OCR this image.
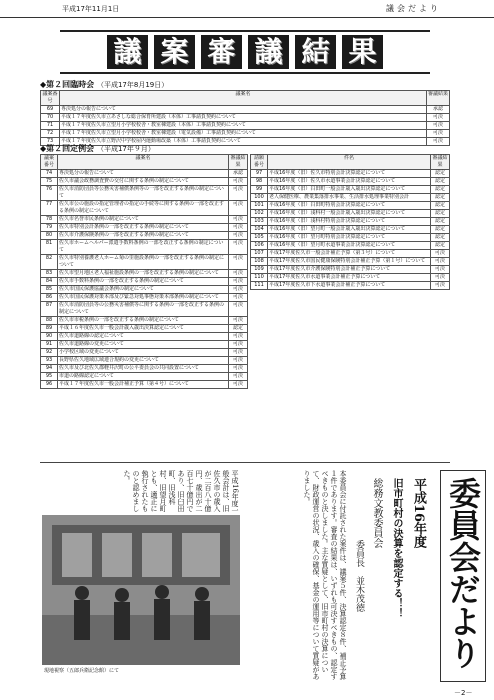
平成17年11月1日	議会だより
議 案 審 議 結 果
◆第２回臨時会 （平成17年8月19日）
議案番号	議案名	審議結果
69	専決処分の報告について	承認
70	平成１７年度佐久市立あさしな総合保育所建設（本体）工事請負契約について	可決
71	平成１７年度佐久市立望月小学校校舎・教室棟建設（本体）工事請負契約について	可決
72	平成１７年度佐久市立望月小学校校舎・教室棟建設（電気設備）工事請負契約について	可決
73	平成１７年度佐久市立野沢中学校屋内運動場改築（本体）工事請負契約について	可決
◆第２回定例会 （平成17年９月）
議案番号	議案名	審議結果
74	専決処分の報告について	承認
75	佐久市議会政務調査費の交付に関する条例の制定について	可決
76	佐久市消防団員等公務災害補償条例等の一部を改正する条例の制定について	可決
77	佐久市公の施設の指定管理者の指定の手続等に関する条例の一部を改正する条例の制定について	可決
78	佐久市名誉市民条例の制定について	可決
79	佐久市特別会計条例の一部を改正する条例の制定について	可決
80	佐久市介護保険条例の一部を改正する条例の制定について	可決
81	佐久市ホームヘルパー派遣手数料条例の一部を改正する条例の制定について	可決
82	佐久市特別養護老人ホーム菊の里施設条例の一部を改正する条例の制定について	可決
83	佐久市望月地区老人福祉施設条例の一部を改正する条例の制定について	可決
84	佐久市手数料条例の一部を改正する条例の制定について	可決
85	佐久市国民保護協議会条例の制定について	可決
86	佐久市国民保護対策本部及び緊急対処事態対策本部条例の制定について	可決
87	佐久市消防団員等の公務災害補償等に関する条例の一部を改正する条例の制定について	可決
88	佐久市市税条例の一部を改正する条例の制定について	可決
89	平成１６年度佐久市一般会計歳入歳出決算認定について	認定
90	佐久市道路線の認定について	可決
91	佐久市道路線の変更について	可決
92	小学校区域の変更について	可決
93	長野県佐久地域広域連合規約の変更について	可決
94	佐久市及び北佐久郡軽井沢町の公平委員会の共同設置について	可決
95	市道の路線認定について	可決
96	平成１７年度佐久市一般会計補正予算（第４号）について	可決
請願番号	件名	審議結果
97	平成16年度（旧）佐久市特別会計決算認定について	認定
98	平成16年度（旧）佐久市水道事業会計決算認定について	認定
99	平成16年度（旧）臼田町一般会計歳入歳出決算認定について	認定
100	老人保健医療、農業集落排水事業、生活排水処理事業特別会計	認定
101	平成16年度（旧）臼田町特別会計決算認定について	認定
102	平成16年度（旧）浅科村一般会計歳入歳出決算認定について	認定
103	平成16年度（旧）浅科村特別会計決算認定について	認定
104	平成16年度（旧）望月町一般会計歳入歳出決算認定について	認定
105	平成16年度（旧）望月町特別会計決算認定について	認定
106	平成16年度（旧）望月町水道事業会計決算認定について	認定
107	平成17年度佐久市一般会計補正予算（第３号）について	可決
108	平成17年度佐久市国民健康保険特別会計補正予算（第１号）について	可決
109	平成17年度佐久市介護保険特別会計補正予算について	可決
110	平成17年度佐久市水道事業会計補正予算について	可決
111	平成17年度佐久市下水道事業会計補正予算について	可決
委員会だより
平成16年度
旧市町村の決算を認定する！！
総務文教委員会
委員長　並木茂徳
本委員会に付託された案件は、議案５件、決算認定８件、補正予算１件であります。審査の結果は、いずれも可決すべきもの、認定すべきものと決しました。主な質疑として、旧市町村の決算について、財政運営の状況、歳入の確保、基金の運用等について質疑がありました。
平成16年度一般会計は、旧佐久市の歳入が二百八十億円、歳出が二百七十億円であり、旧臼田町、旧浅科村、旧望月町とも、適正に執行されたものと認めました。
現地視察（五郎兵衛記念館）にて
－2－
